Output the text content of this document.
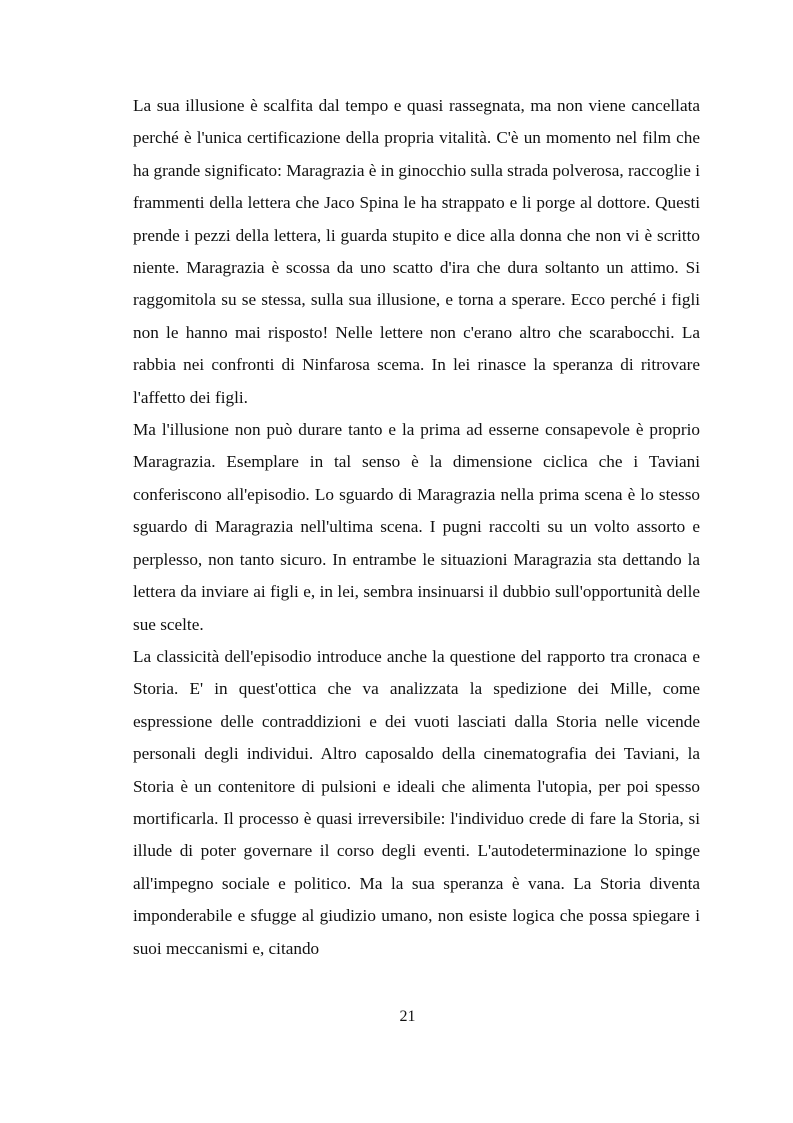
La sua illusione è scalfita dal tempo e quasi rassegnata, ma non viene cancellata perché è l'unica certificazione della propria vitalità. C'è un momento nel film che ha grande significato: Maragrazia è in ginocchio sulla strada polverosa, raccoglie i frammenti della lettera che Jaco Spina le ha strappato e li porge al dottore. Questi prende i pezzi della lettera, li guarda stupito e dice alla donna che non vi è scritto niente. Maragrazia è scossa da uno scatto d'ira che dura soltanto un attimo. Si raggomitola su se stessa, sulla sua illusione, e torna a sperare. Ecco perché i figli non le hanno mai risposto! Nelle lettere non c'erano altro che scarabocchi. La rabbia nei confronti di Ninfarosa scema. In lei rinasce la speranza di ritrovare l'affetto dei figli.

Ma l'illusione non può durare tanto e la prima ad esserne consapevole è proprio Maragrazia. Esemplare in tal senso è la dimensione ciclica che i Taviani conferiscono all'episodio. Lo sguardo di Maragrazia nella prima scena è lo stesso sguardo di Maragrazia nell'ultima scena. I pugni raccolti su un volto assorto e perplesso, non tanto sicuro. In entrambe le situazioni Maragrazia sta dettando la lettera da inviare ai figli e, in lei, sembra insinuarsi il dubbio sull'opportunità delle sue scelte.

La classicità dell'episodio introduce anche la questione del rapporto tra cronaca e Storia. E' in quest'ottica che va analizzata la spedizione dei Mille, come espressione delle contraddizioni e dei vuoti lasciati dalla Storia nelle vicende personali degli individui. Altro caposaldo della cinematografia dei Taviani, la Storia è un contenitore di pulsioni e ideali che alimenta l'utopia, per poi spesso mortificarla. Il processo è quasi irreversibile: l'individuo crede di fare la Storia, si illude di poter governare il corso degli eventi. L'autodeterminazione lo spinge all'impegno sociale e politico. Ma la sua speranza è vana. La Storia diventa imponderabile e sfugge al giudizio umano, non esiste logica che possa spiegare i suoi meccanismi e, citando

21
